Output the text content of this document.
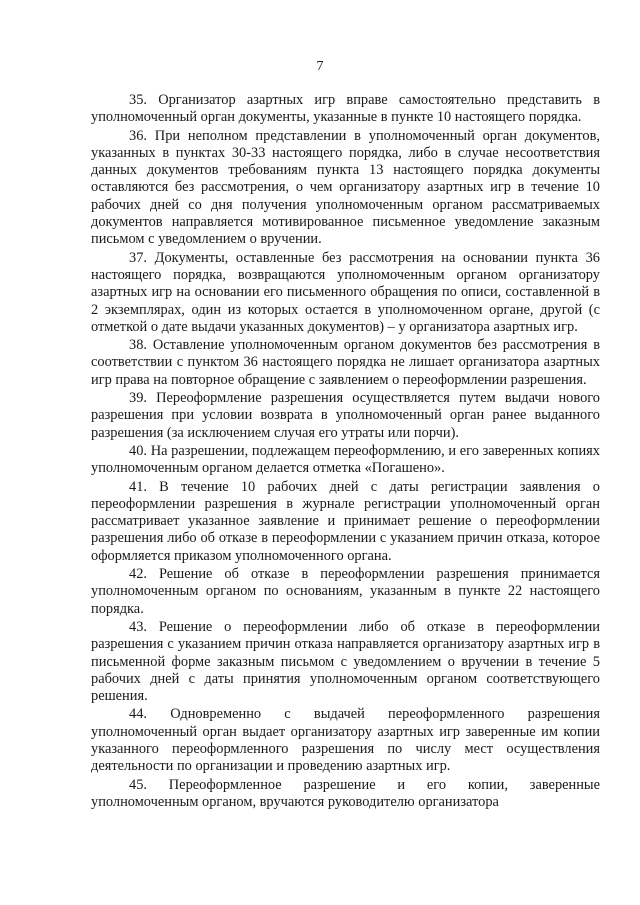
7

35. Организатор азартных игр вправе самостоятельно представить в уполномоченный орган документы, указанные в пункте 10 настоящего порядка.

36. При неполном представлении в уполномоченный орган документов, указанных в пунктах 30-33 настоящего порядка, либо в случае несоответствия данных документов требованиям пункта 13 настоящего порядка документы оставляются без рассмотрения, о чем организатору азартных игр в течение 10 рабочих дней со дня получения уполномоченным органом рассматриваемых документов направляется мотивированное письменное уведомление заказным письмом с уведомлением о вручении.

37. Документы, оставленные без рассмотрения на основании пункта 36 настоящего порядка, возвращаются уполномоченным органом организатору азартных игр на основании его письменного обращения по описи, составленной в 2 экземплярах, один из которых остается в уполномоченном органе, другой (с отметкой о дате выдачи указанных документов) – у организатора азартных игр.

38. Оставление уполномоченным органом документов без рассмотрения в соответствии с пунктом 36 настоящего порядка не лишает организатора азартных игр права на повторное обращение с заявлением о переоформлении разрешения.

39. Переоформление разрешения осуществляется путем выдачи нового разрешения при условии возврата в уполномоченный орган ранее выданного разрешения (за исключением случая его утраты или порчи).

40. На разрешении, подлежащем переоформлению, и его заверенных копиях уполномоченным органом делается отметка «Погашено».

41. В течение 10 рабочих дней с даты регистрации заявления о переоформлении разрешения в журнале регистрации уполномоченный орган рассматривает указанное заявление и принимает решение о переоформлении разрешения либо об отказе в переоформлении с указанием причин отказа, которое оформляется приказом уполномоченного органа.

42. Решение об отказе в переоформлении разрешения принимается уполномоченным органом по основаниям, указанным в пункте 22 настоящего порядка.

43. Решение о переоформлении либо об отказе в переоформлении разрешения с указанием причин отказа направляется организатору азартных игр в письменной форме заказным письмом с уведомлением о вручении в течение 5 рабочих дней с даты принятия уполномоченным органом соответствующего решения.

44. Одновременно с выдачей переоформленного разрешения уполномоченный орган выдает организатору азартных игр заверенные им копии указанного переоформленного разрешения по числу мест осуществления деятельности по организации и проведению азартных игр.

45. Переоформленное разрешение и его копии, заверенные уполномоченным органом, вручаются руководителю организатора
